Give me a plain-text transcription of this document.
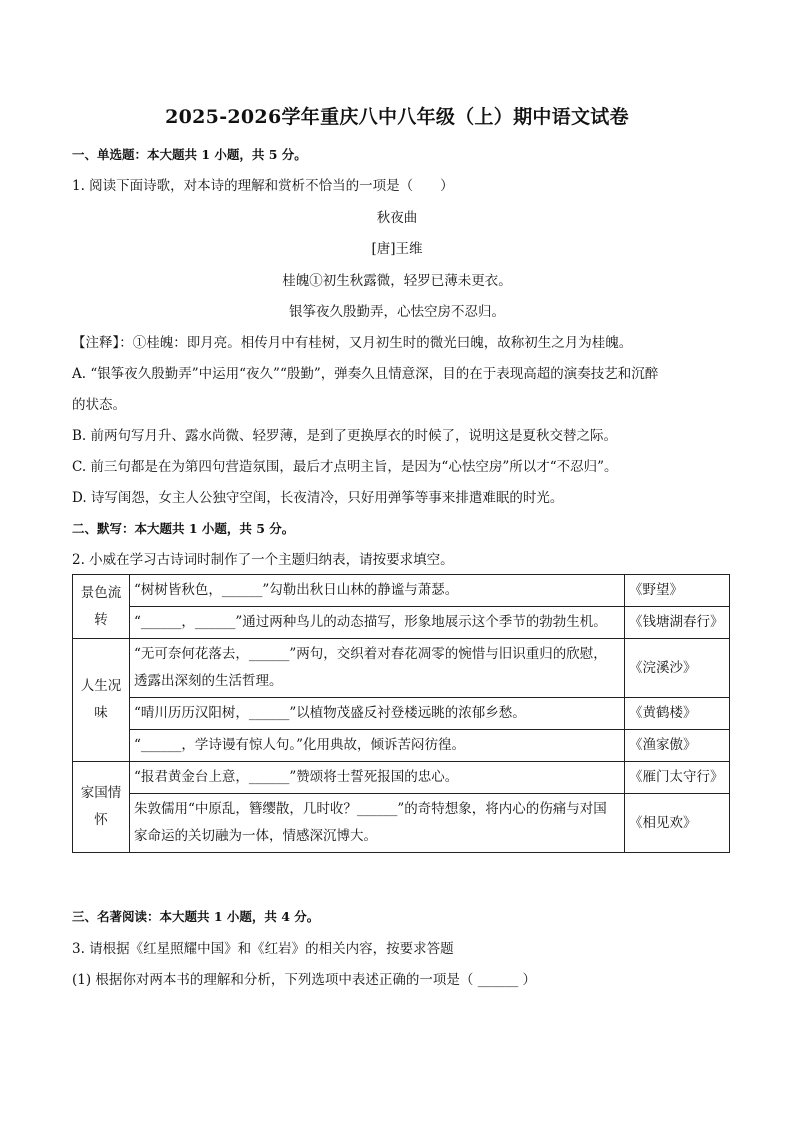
2025-2026学年重庆八中八年级（上）期中语文试卷
一、单选题：本大题共 1 小题，共 5 分。
1. 阅读下面诗歌，对本诗的理解和赏析不恰当的一项是（　　）
秋夜曲
[唐]王维
桂魄①初生秋露微，轻罗已薄未更衣。
银筝夜久殷勤弄，心怯空房不忍归。
【注释】：①桂魄：即月亮。相传月中有桂树，又月初生时的微光曰魄，故称初生之月为桂魄。
A. “银筝夜久殷勤弄”中运用“夜久”“殷勤”，弹奏久且情意深，目的在于表现高超的演奏技艺和沉醉
的状态。
B. 前两句写月升、露水尚微、轻罗薄，是到了更换厚衣的时候了，说明这是夏秋交替之际。
C. 前三句都是在为第四句营造氛围，最后才点明主旨，是因为“心怯空房”所以才“不忍归”。
D. 诗写闺怨，女主人公独守空闺，长夜清冷，只好用弹筝等事来排遣难眠的时光。
二、默写：本大题共 1 小题，共 5 分。
2. 小威在学习古诗词时制作了一个主题归纳表，请按要求填空。
景色流转	“树树皆秋色，______”勾勒出秋日山林的静谧与萧瑟。	《野望》
	“______，______”通过两种鸟儿的动态描写，形象地展示这个季节的勃勃生机。	《钱塘湖春行》
人生况味	“无可奈何花落去，______”两句，交织着对春花凋零的惋惜与旧识重归的欣慰，透露出深刻的生活哲理。	《浣溪沙》
	“晴川历历汉阳树，______”以植物茂盛反衬登楼远眺的浓郁乡愁。	《黄鹤楼》
	“______，学诗谩有惊人句。”化用典故，倾诉苦闷彷徨。	《渔家傲》
家国情怀	“报君黄金台上意，______”赞颂将士誓死报国的忠心。	《雁门太守行》
	朱敦儒用“中原乱，簪缨散，几时收？______”的奇特想象，将内心的伤痛与对国家命运的关切融为一体，情感深沉博大。	《相见欢》
三、名著阅读：本大题共 1 小题，共 4 分。
3. 请根据《红星照耀中国》和《红岩》的相关内容，按要求答题
(1) 根据你对两本书的理解和分析，下列选项中表述正确的一项是（ ______ ）
